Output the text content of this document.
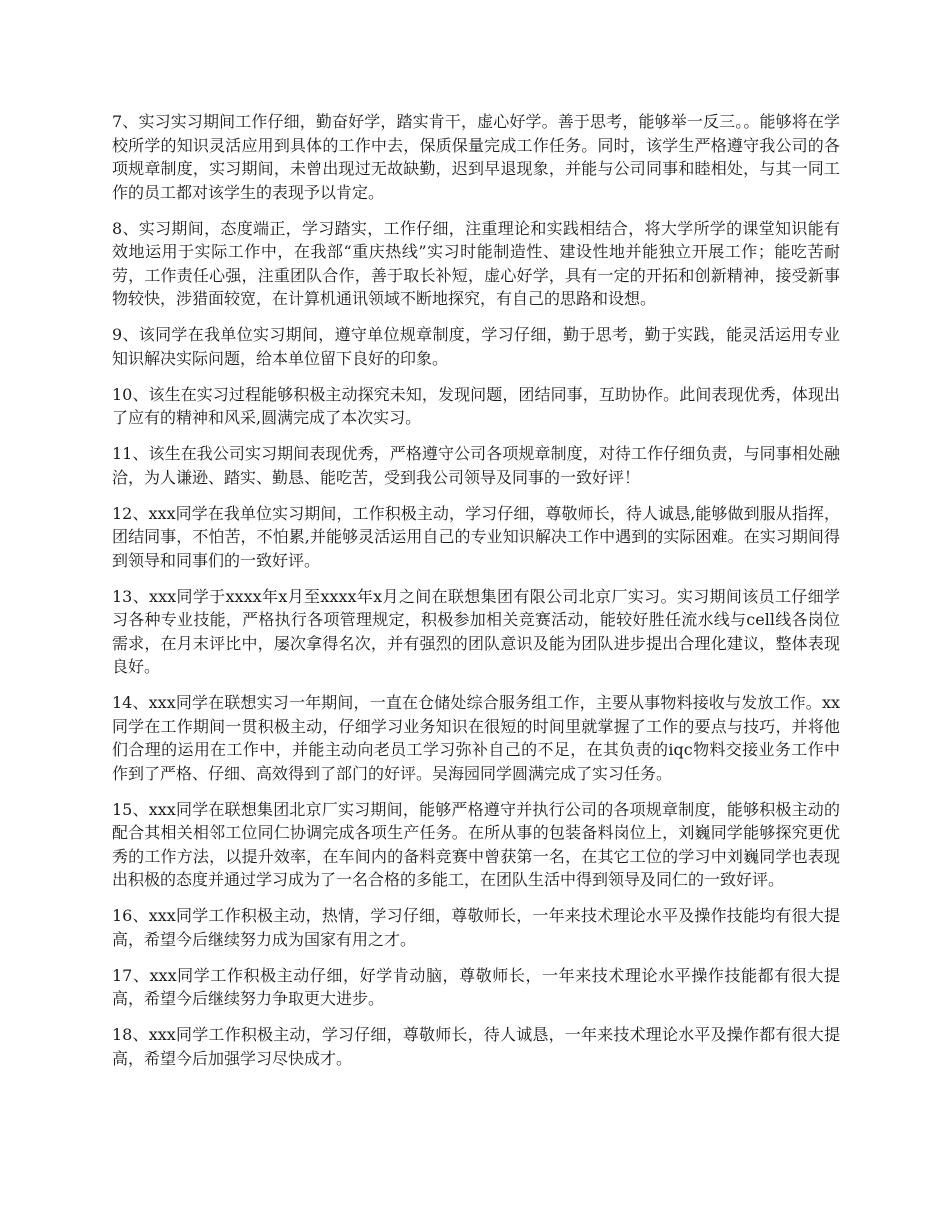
7、实习实习期间工作仔细，勤奋好学，踏实肯干，虚心好学。善于思考，能够举一反三。。能够将在学校所学的知识灵活应用到具体的工作中去，保质保量完成工作任务。同时，该学生严格遵守我公司的各项规章制度，实习期间，未曾出现过无故缺勤，迟到早退现象，并能与公司同事和睦相处，与其一同工作的员工都对该学生的表现予以肯定。

8、实习期间，态度端正，学习踏实，工作仔细，注重理论和实践相结合，将大学所学的课堂知识能有效地运用于实际工作中，在我部“重庆热线”实习时能制造性、建设性地并能独立开展工作；能吃苦耐劳，工作责任心强，注重团队合作，善于取长补短，虚心好学，具有一定的开拓和创新精神，接受新事物较快，涉猎面较宽，在计算机通讯领域不断地探究，有自己的思路和设想。

9、该同学在我单位实习期间，遵守单位规章制度，学习仔细，勤于思考，勤于实践，能灵活运用专业知识解决实际问题，给本单位留下良好的印象。

10、该生在实习过程能够积极主动探究未知，发现问题，团结同事，互助协作。此间表现优秀，体现出了应有的精神和风采,圆满完成了本次实习。

11、该生在我公司实习期间表现优秀，严格遵守公司各项规章制度，对待工作仔细负责，与同事相处融洽，为人谦逊、踏实、勤恳、能吃苦，受到我公司领导及同事的一致好评！

12、xxx同学在我单位实习期间，工作积极主动，学习仔细，尊敬师长，待人诚恳,能够做到服从指挥，团结同事，不怕苦，不怕累,并能够灵活运用自己的专业知识解决工作中遇到的实际困难。在实习期间得到领导和同事们的一致好评。

13、xxx同学于xxxx年x月至xxxx年x月之间在联想集团有限公司北京厂实习。实习期间该员工仔细学习各种专业技能，严格执行各项管理规定，积极参加相关竞赛活动，能较好胜任流水线与cell线各岗位需求，在月末评比中，屡次拿得名次，并有强烈的团队意识及能为团队进步提出合理化建议，整体表现良好。

14、xxx同学在联想实习一年期间，一直在仓储处综合服务组工作，主要从事物料接收与发放工作。xx同学在工作期间一贯积极主动，仔细学习业务知识在很短的时间里就掌握了工作的要点与技巧，并将他们合理的运用在工作中，并能主动向老员工学习弥补自己的不足，在其负责的iqc物料交接业务工作中作到了严格、仔细、高效得到了部门的好评。吴海园同学圆满完成了实习任务。

15、xxx同学在联想集团北京厂实习期间，能够严格遵守并执行公司的各项规章制度，能够积极主动的配合其相关相邻工位同仁协调完成各项生产任务。在所从事的包装备料岗位上，刘巍同学能够探究更优秀的工作方法，以提升效率，在车间内的备料竞赛中曾获第一名，在其它工位的学习中刘巍同学也表现出积极的态度并通过学习成为了一名合格的多能工，在团队生活中得到领导及同仁的一致好评。

16、xxx同学工作积极主动，热情，学习仔细，尊敬师长，一年来技术理论水平及操作技能均有很大提高，希望今后继续努力成为国家有用之才。

17、xxx同学工作积极主动仔细，好学肯动脑，尊敬师长，一年来技术理论水平操作技能都有很大提高，希望今后继续努力争取更大进步。

18、xxx同学工作积极主动，学习仔细，尊敬师长，待人诚恳，一年来技术理论水平及操作都有很大提高，希望今后加强学习尽快成才。
